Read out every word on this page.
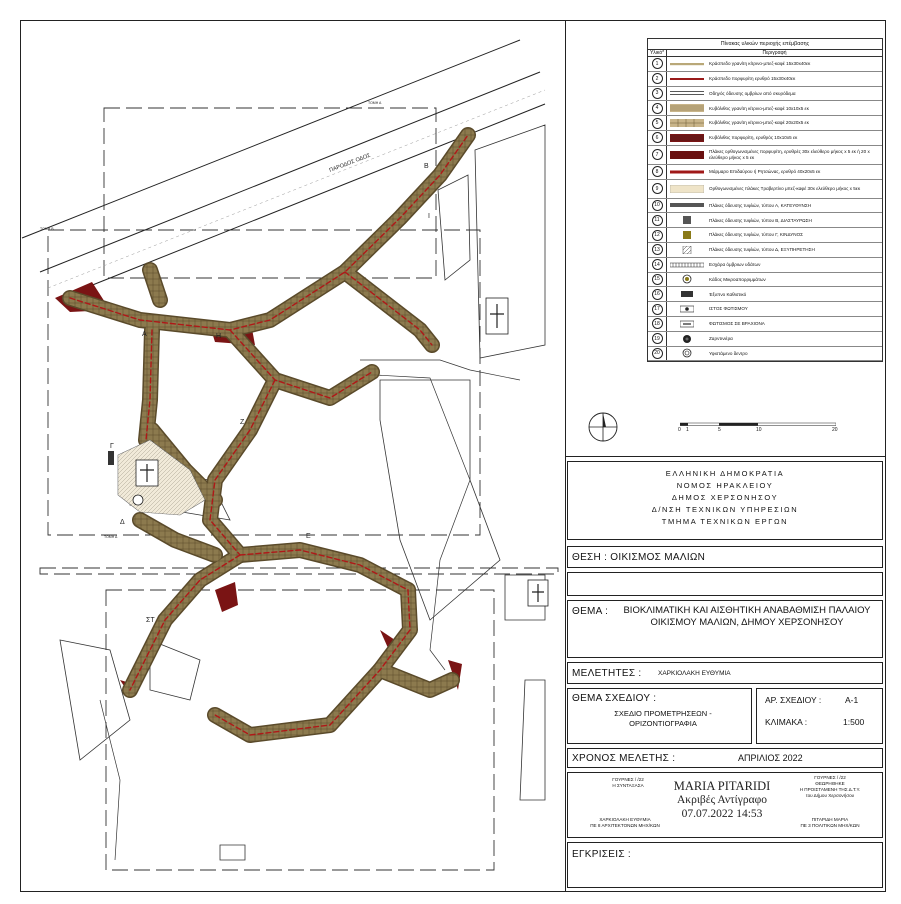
ΠΑΡΟΔΟΣ ΟΔΟΣ
Α
Β
Γ
Δ
Ε
Ζ
ΣΤ
Η
Ι
ΤΟΜΗ Α
ΤΟΜΗ Β
ΤΟΜΗ Δ
Πίνακας υλικών περιοχής επέμβασης
Υλικό*	Περιγραφή
1	Κράσπεδο γρανίτη κίτρινο-μπεζ-καφέ 15x30x40εκ
2	Κράσπεδο πορφυρίτη ερυθρό 15x30x40εκ
3	Οδηγός όδευσης ομβρίων από σκυρόδεμα
4	Κυβόλιθος γρανίτη κίτρινο-μπεζ-καφέ 10x10x5 εκ
5	Κυβόλιθος γρανίτη κίτρινο-μπεζ-καφέ 20x20x5 εκ
6	Κυβόλιθος πορφυρίτη, ερυθρός 10x10x5 εκ
7	Πλάκες ορθογωνισμένες πορφυρίτη, ερυθρές 30x ελεύθερο μήκος x 5 εκ ή 20 x ελεύθερο μήκος x 5 εκ
8	Μάρμαρο Επιδαύρου ή Ρητσώνας, ερυθρό 40x20x5 εκ
9	Ορθογωνισμένες πλάκες Τραβερτίνο μπεζ-καφέ 30x ελεύθερο μήκος x 5εκ
10	Πλάκες όδευσης τυφλών, τύπου Α, ΚΑΤΕΥΘΥΝΣΗ
11	Πλάκες όδευσης τυφλών, τύπου Β, ΔΙΑΣΤΑΥΡΩΣΗ
12	Πλάκες όδευσης τυφλών, τύπου Γ, ΚΙΝΔΥΝΟΣ
13	Πλάκες όδευσης τυφλών, τύπου Δ, ΕΞΥΠΗΡΕΤΗΣΗ
14	Εσχάρα όμβριων υδάτων
15	Κάδος Μικροαπορριμμάτων
16	Έξυπνο Καθιστικό
17	ΙΣΤΟΣ ΦΩΤΙΣΜΟΥ
18	ΦΩΤΙΣΜΟΣ ΣΕ ΒΡΑΧΙΟΝΑ
19	Ζαρντινιέρα
20	Υφιστάμενο δεντρο
0 1	5	10	20
ΕΛΛΗΝΙΚΗ ΔΗΜΟΚΡΑΤΙΑ
ΝΟΜΟΣ ΗΡΑΚΛΕΙΟΥ
ΔΗΜΟΣ ΧΕΡΣΟΝΗΣΟΥ
Δ/ΝΣΗ ΤΕΧΝΙΚΩΝ ΥΠΗΡΕΣΙΩΝ
ΤΜΗΜΑ ΤΕΧΝΙΚΩΝ ΕΡΓΩΝ
ΘΕΣΗ : ΟΙΚΙΣΜΟΣ ΜΑΛΙΩΝ
ΘΕΜΑ :	ΒΙΟΚΛΙΜΑΤΙΚΗ ΚΑΙ ΑΙΣΘΗΤΙΚΗ ΑΝΑΒΑΘΜΙΣΗ ΠΑΛΑΙΟΥ ΟΙΚΙΣΜΟΥ ΜΑΛΙΩΝ, ΔΗΜΟΥ ΧΕΡΣΟΝΗΣΟΥ
ΜΕΛΕΤΗΤΕΣ :	ΧΑΡΚΙΟΛΑΚΗ ΕΥΘΥΜΙΑ
ΘΕΜΑ ΣΧΕΔΙΟΥ :
ΣΧΕΔΙΟ ΠΡΟΜΕΤΡΗΣΕΩΝ - ΟΡΙΖΟΝΤΙΟΓΡΑΦΙΑ
ΑΡ. ΣΧΕΔΙΟΥ :	Α-1
ΚΛΙΜΑΚΑ :	1:500
ΧΡΟΝΟΣ ΜΕΛΕΤΗΣ :	ΑΠΡΙΛΙΟΣ 2022
ΓΟΥΡΝΕΣ / /22
Η ΣΥΝΤΑΞΑΣΑ
ΧΑΡΚΙΟΛΑΚΗ ΕΥΘΥΜΙΑ
ΠΕ 8 ΑΡΧΙΤΕΚΤΟΝΩΝ ΜΗΧ/ΚΩΝ
ΓΟΥΡΝΕΣ / /22
ΘΕΩΡΗΘΗΚΕ
Η ΠΡΟΙΣΤΑΜΕΝΗ ΤΗΣ Δ.Τ.Υ.
του Δήμου Χερσονήσου
ΠΙΤΑΡΙΔΗ ΜΑΡΙΑ
ΠΕ 3 ΠΟΛΙΤΙΚΩΝ ΜΗΧ/ΚΩΝ
MARIA PITARIDI
Ακριβές Αντίγραφο
07.07.2022 14:53
ΕΓΚΡΙΣΕΙΣ :
